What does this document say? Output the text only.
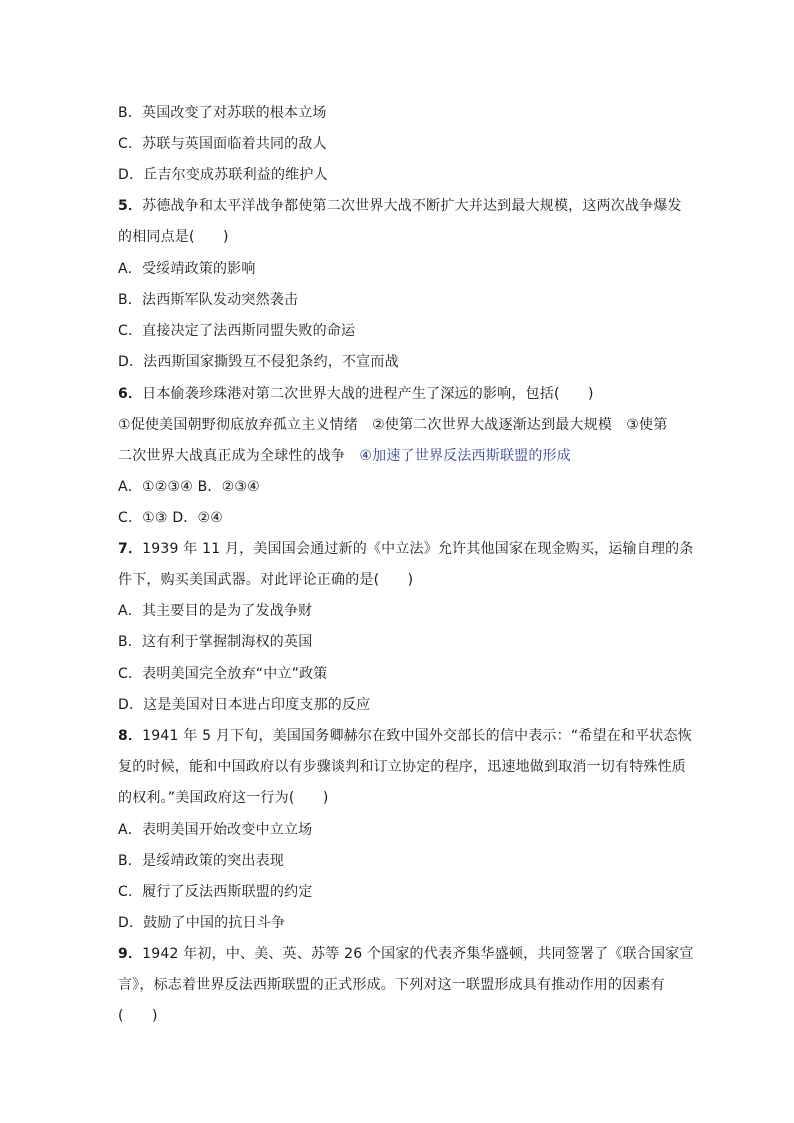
B．英国改变了对苏联的根本立场
C．苏联与英国面临着共同的敌人
D．丘吉尔变成苏联利益的维护人
5．苏德战争和太平洋战争都使第二次世界大战不断扩大并达到最大规模，这两次战争爆发
的相同点是(　　)
A．受绥靖政策的影响
B．法西斯军队发动突然袭击
C．直接决定了法西斯同盟失败的命运
D．法西斯国家撕毁互不侵犯条约，不宣而战
6．日本偷袭珍珠港对第二次世界大战的进程产生了深远的影响，包括(　　)
①促使美国朝野彻底放弃孤立主义情绪　②使第二次世界大战逐渐达到最大规模　③使第
二次世界大战真正成为全球性的战争　④加速了世界反法西斯联盟的形成
A．①②③④ B．②③④
C．①③ D．②④
7．1939 年 11 月，美国国会通过新的《中立法》允许其他国家在现金购买，运输自理的条
件下，购买美国武器。对此评论正确的是(　　)
A．其主要目的是为了发战争财
B．这有利于掌握制海权的英国
C．表明美国完全放弃“中立”政策
D．这是美国对日本进占印度支那的反应
8．1941 年 5 月下旬，美国国务卿赫尔在致中国外交部长的信中表示：“希望在和平状态恢
复的时候，能和中国政府以有步骤谈判和订立协定的程序，迅速地做到取消一切有特殊性质
的权利。”美国政府这一行为(　　)
A．表明美国开始改变中立立场
B．是绥靖政策的突出表现
C．履行了反法西斯联盟的约定
D．鼓励了中国的抗日斗争
9．1942 年初，中、美、英、苏等 26 个国家的代表齐集华盛顿，共同签署了《联合国家宣
言》，标志着世界反法西斯联盟的正式形成。下列对这一联盟形成具有推动作用的因素有
(　　)
